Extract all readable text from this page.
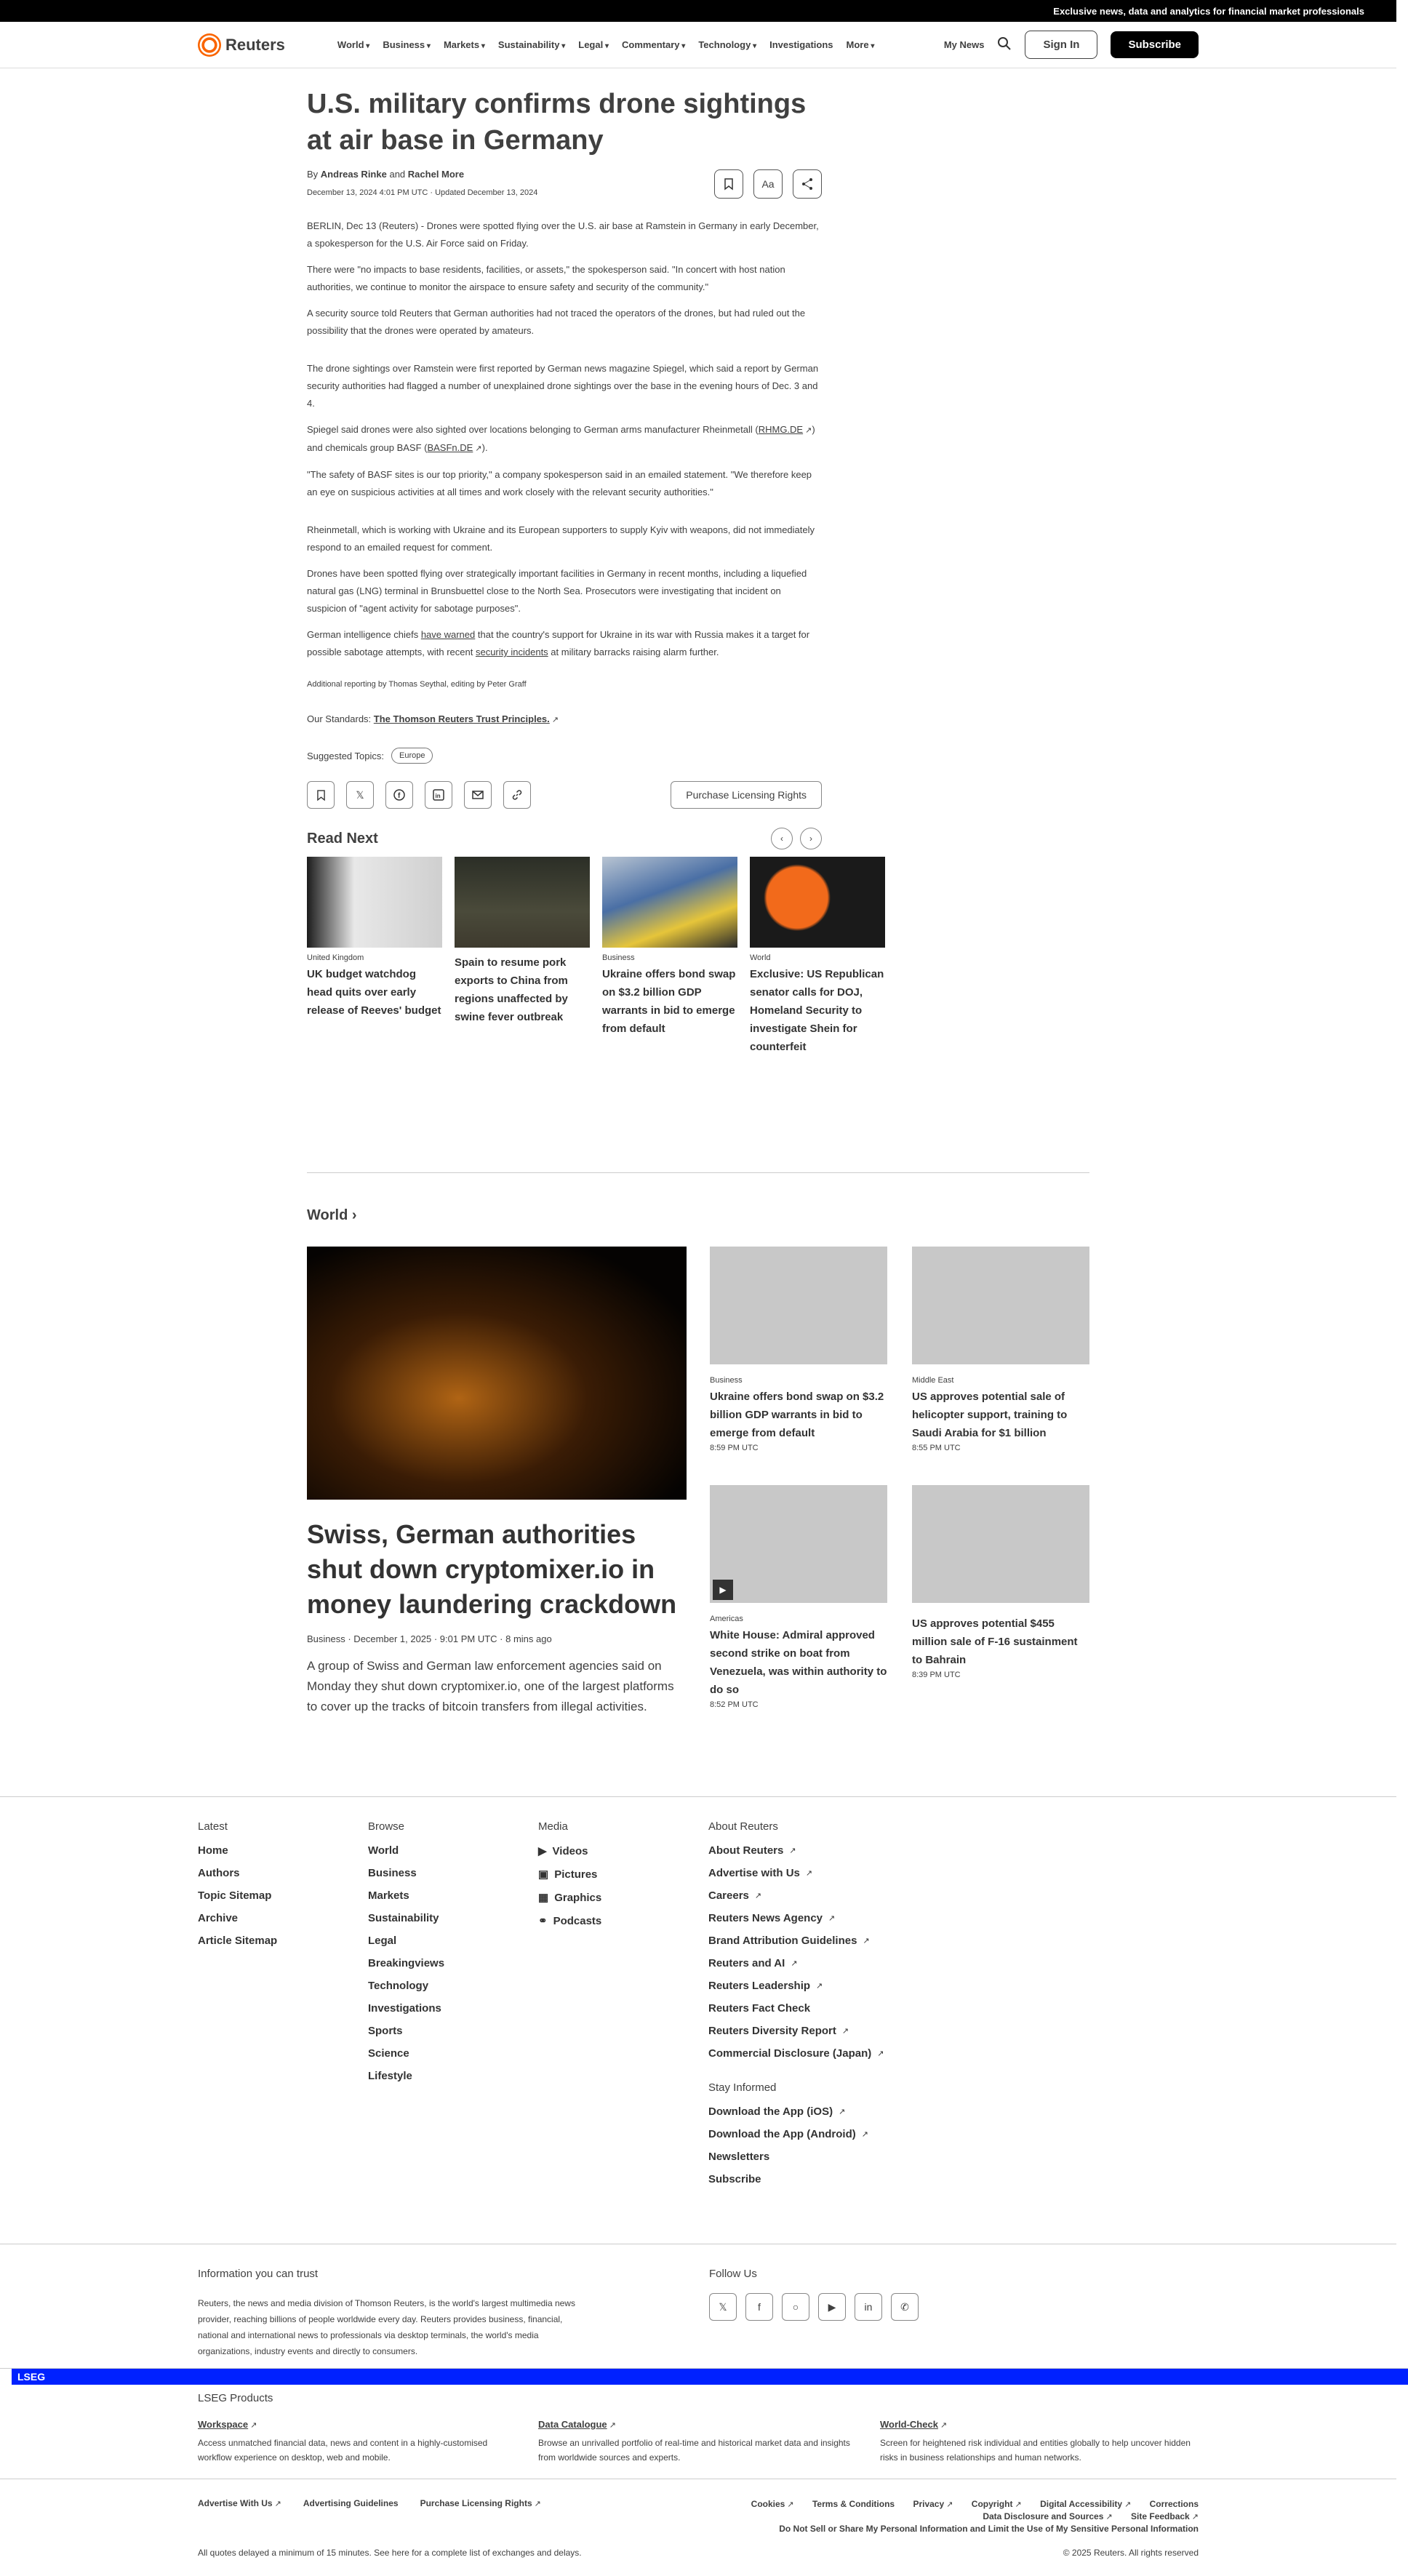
Exclusive news, data and analytics for financial market professionals
LSEG
Reuters	World ▾	Business ▾	Markets ▾	Sustainability ▾	Legal ▾	Commentary ▾	Technology ▾	Investigations More ▾	My News	Sign In	Subscribe
U.S. military confirms drone sightings at air base in Germany
By Andreas Rinke and Rachel More
December 13, 2024 4:01 PM UTC · Updated December 13, 2024
Aa

BERLIN, Dec 13 (Reuters) - Drones were spotted flying over the U.S. air base at Ramstein in Germany in early December, a spokesperson for the U.S. Air Force said on Friday.

There were "no impacts to base residents, facilities, or assets," the spokesperson said. "In concert with host nation authorities, we continue to monitor the airspace to ensure safety and security of the community."

A security source told Reuters that German authorities had not traced the operators of the drones, but had ruled out the possibility that the drones were operated by amateurs.

The drone sightings over Ramstein were first reported by German news magazine Spiegel, which said a report by German security authorities had flagged a number of unexplained drone sightings over the base in the evening hours of Dec. 3 and 4.

Spiegel said drones were also sighted over locations belonging to German arms manufacturer Rheinmetall (RHMG.DE ↗ ) and chemicals group BASF (BASFn.DE ↗ ).

"The safety of BASF sites is our top priority," a company spokesperson said in an emailed statement. "We therefore keep an eye on suspicious activities at all times and work closely with the relevant security authorities."

Rheinmetall, which is working with Ukraine and its European supporters to supply Kyiv with weapons, did not immediately respond to an emailed request for comment.

Drones have been spotted flying over strategically important facilities in Germany in recent months, including a liquefied natural gas (LNG) terminal in Brunsbuettel close to the North Sea. Prosecutors were investigating that incident on suspicion of "agent activity for sabotage purposes".

German intelligence chiefs have warned that the country's support for Ukraine in its war with Russia makes it a target for possible sabotage attempts, with recent security incidents at military barracks raising alarm further.

Additional reporting by Thomas Seythal, editing by Peter Graff
Our Standards: The Thomson Reuters Trust Principles. ↗
Suggested Topics:	Europe
𝕏	f	in	Purchase Licensing Rights
Read Next	‹	›
United Kingdom
UK budget watchdog head quits over early release of Reeves' budget
Spain to resume pork exports to China from regions unaffected by swine fever outbreak
Business
Ukraine offers bond swap on $3.2 billion GDP warrants in bid to emerge from default
World
Exclusive: US Republican senator calls for DOJ, Homeland Security to investigate Shein for counterfeit
World ›
Swiss, German authorities shut down cryptomixer.io in money laundering crackdown
Business · December 1, 2025 · 9:01 PM UTC · 8 mins ago
A group of Swiss and German law enforcement agencies said on Monday they shut down cryptomixer.io, one of the largest platforms to cover up the tracks of bitcoin transfers from illegal activities.
Business
Ukraine offers bond swap on $3.2 billion GDP warrants in bid to emerge from default
8:59 PM UTC
Middle East
US approves potential sale of helicopter support, training to Saudi Arabia for $1 billion
8:55 PM UTC
▶
Americas
White House: Admiral approved second strike on boat from Venezuela, was within authority to do so
8:52 PM UTC
US approves potential $455 million sale of F-16 sustainment to Bahrain
8:39 PM UTC
Latest
Home
Authors
Topic Sitemap
Archive
Article Sitemap
Browse
World
Business
Markets
Sustainability
Legal
Breakingviews
Technology
Investigations
Sports
Science
Lifestyle
Media
▶ Videos
▣ Pictures
▦ Graphics
⚭ Podcasts
About Reuters
About Reuters ↗
Advertise with Us ↗
Careers ↗
Reuters News Agency ↗
Brand Attribution Guidelines ↗
Reuters and AI ↗
Reuters Leadership ↗
Reuters Fact Check
Reuters Diversity Report ↗
Commercial Disclosure (Japan) ↗
Stay Informed
Download the App (iOS) ↗
Download the App (Android) ↗
Newsletters
Subscribe
Information you can trust

Reuters, the news and media division of Thomson Reuters, is the world's largest multimedia news provider, reaching billions of people worldwide every day. Reuters provides business, financial, national and international news to professionals via desktop terminals, the world's media organizations, industry events and directly to consumers.

Follow Us
𝕏	f	○	▶	in	✆
LSEG Products
Workspace ↗

Access unmatched financial data, news and content in a highly-customised workflow experience on desktop, web and mobile.

Data Catalogue ↗

Browse an unrivalled portfolio of real-time and historical market data and insights from worldwide sources and experts.

World-Check ↗

Screen for heightened risk individual and entities globally to help uncover hidden risks in business relationships and human networks.

Advertise With Us ↗	Advertising Guidelines	Purchase Licensing Rights ↗	Cookies ↗	Terms & Conditions Privacy ↗	Copyright ↗	Digital Accessibility ↗	Corrections
Data Disclosure and Sources ↗	Site Feedback ↗
Do Not Sell or Share My Personal Information and Limit the Use of My Sensitive Personal Information
All quotes delayed a minimum of 15 minutes. See here for a complete list of exchanges and delays.	© 2025 Reuters. All rights reserved
